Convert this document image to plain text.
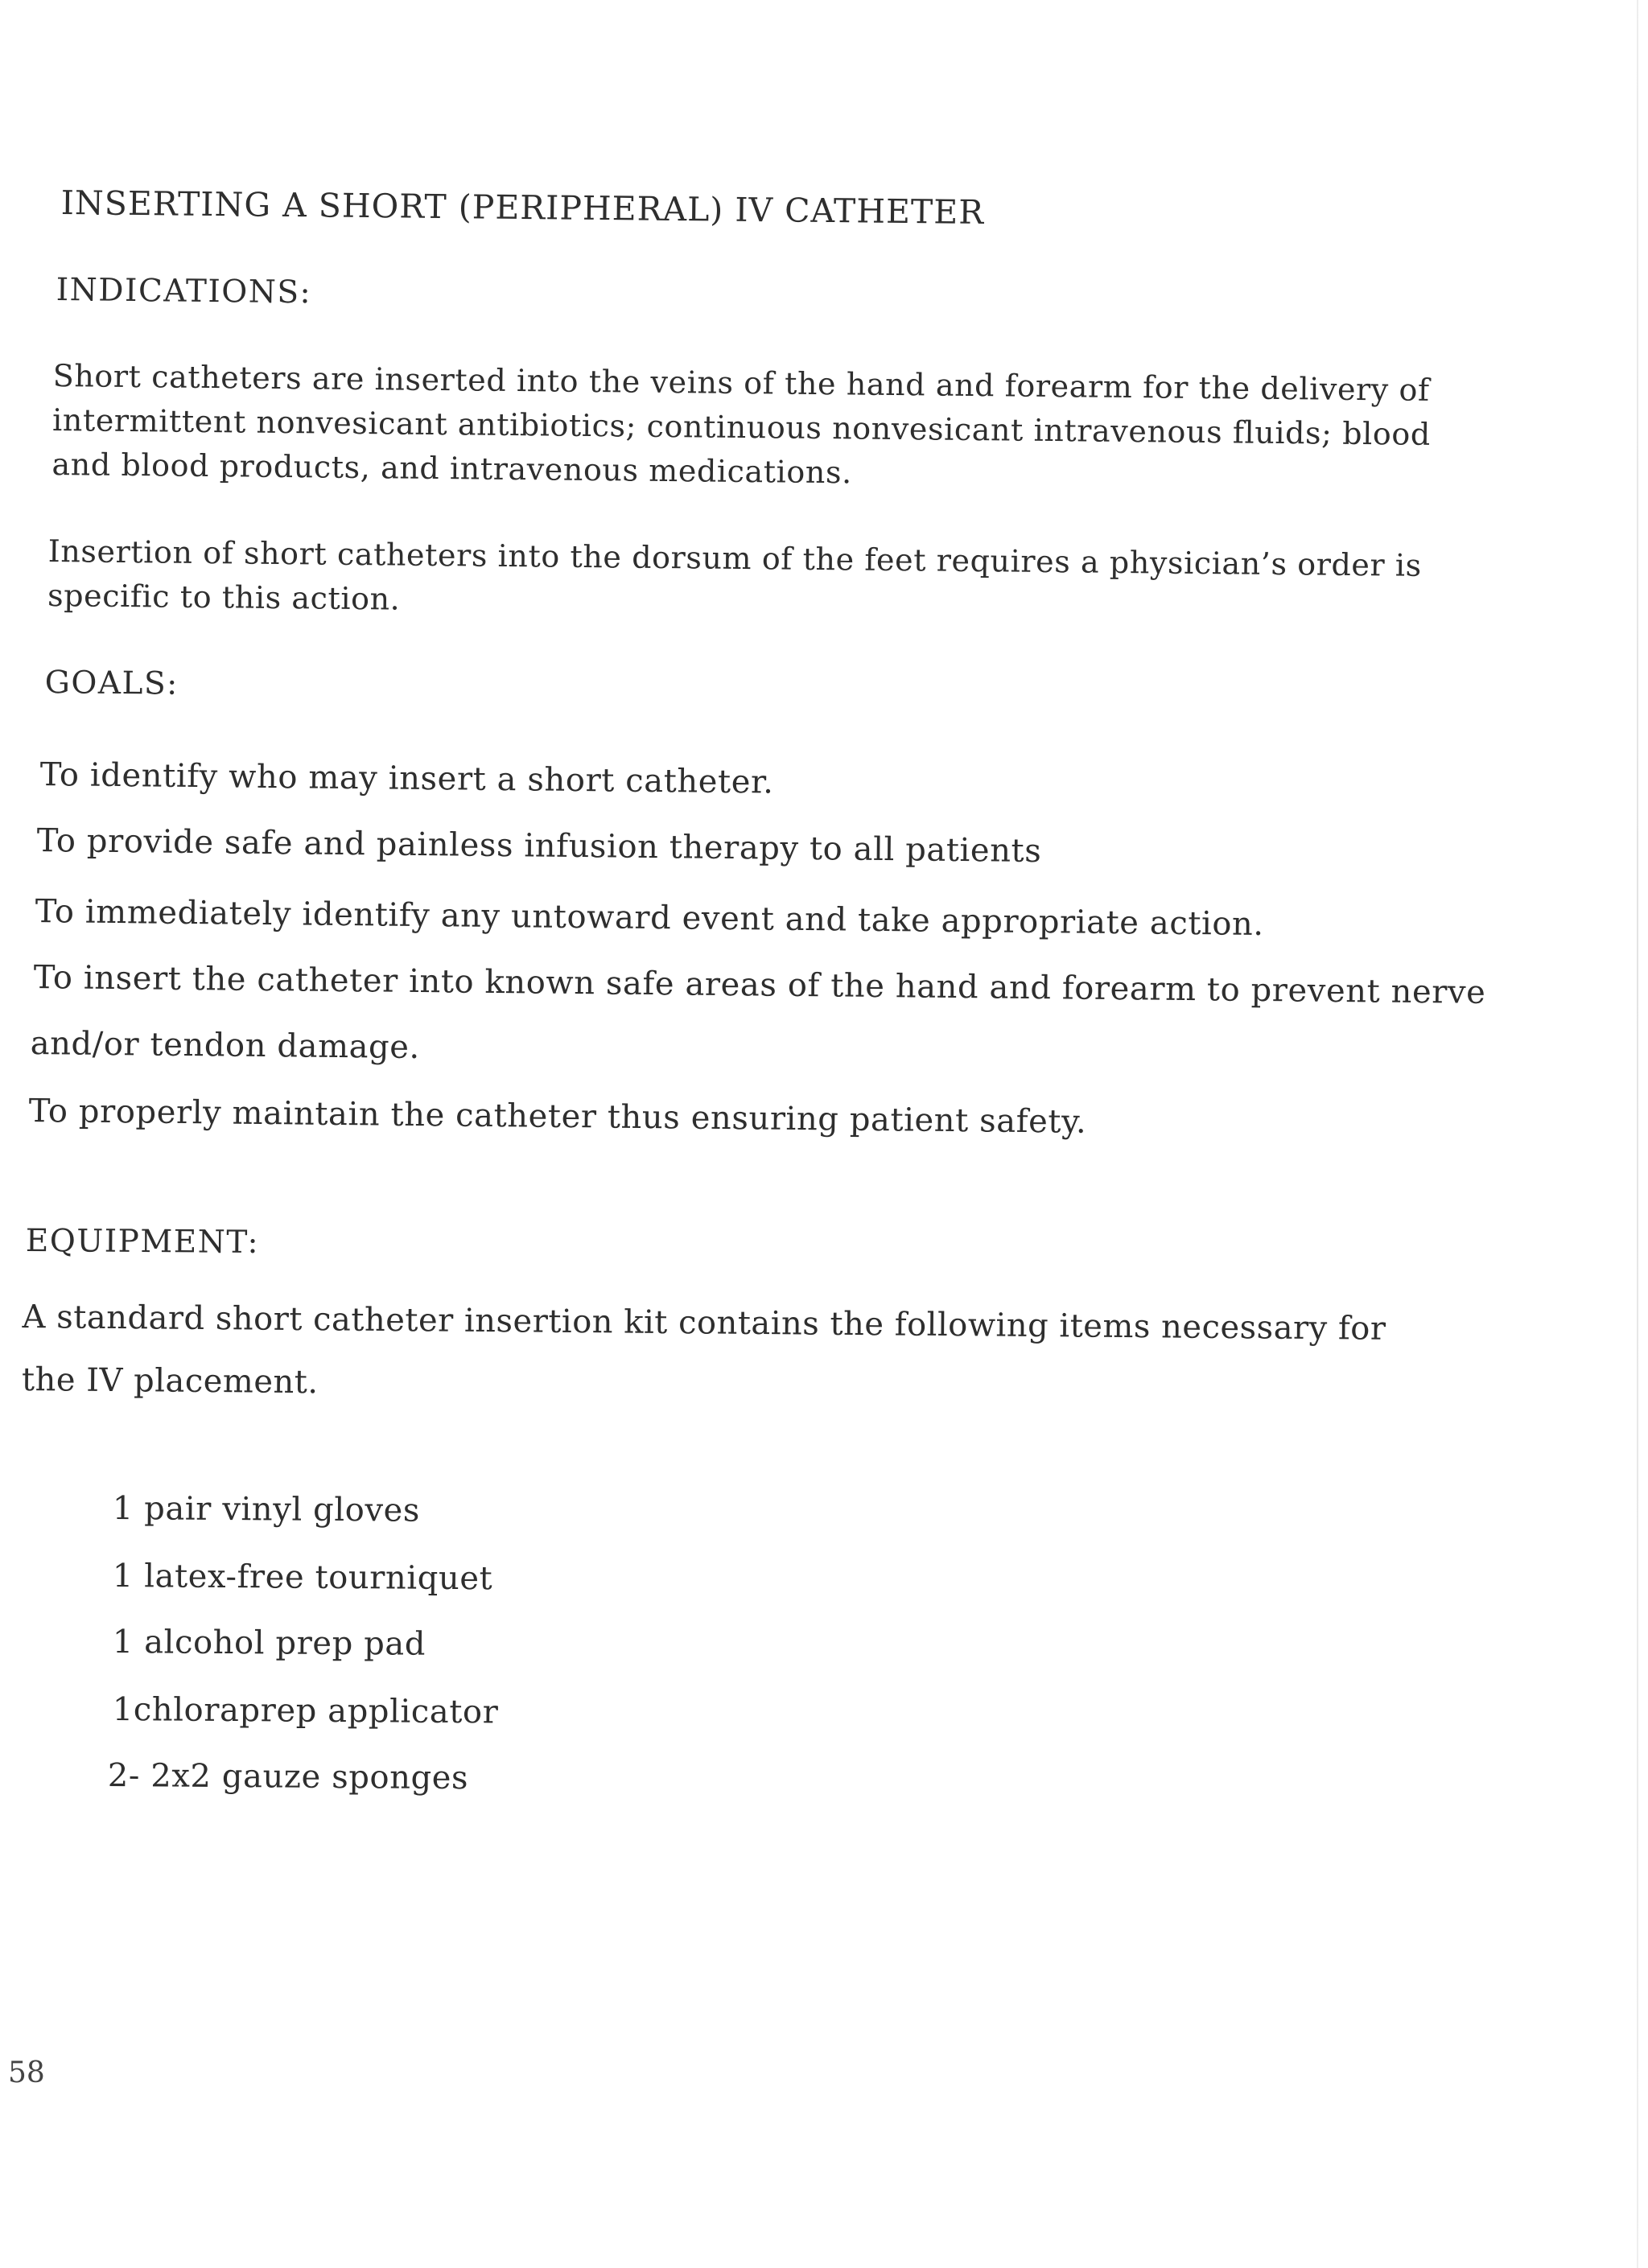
INSERTING A SHORT (PERIPHERAL) IV CATHETER
INDICATIONS:
Short catheters are inserted into the veins of the hand and forearm for the delivery of intermittent nonvesicant antibiotics; continuous nonvesicant intravenous fluids; blood and blood products, and intravenous medications.
Insertion of short catheters into the dorsum of the feet requires a physician’s order is specific to this action.
GOALS:
To identify who may insert a short catheter.
To provide safe and painless infusion therapy to all patients
To immediately identify any untoward event and take appropriate action.
To insert the catheter into known safe areas of the hand and forearm to prevent nerve
and/or tendon damage.
To properly maintain the catheter thus ensuring patient safety.
EQUIPMENT:
A standard short catheter insertion kit contains the following items necessary for the IV placement.
1 pair vinyl gloves
1 latex-free tourniquet
1 alcohol prep pad
1chloraprep applicator
2- 2x2 gauze sponges
58
